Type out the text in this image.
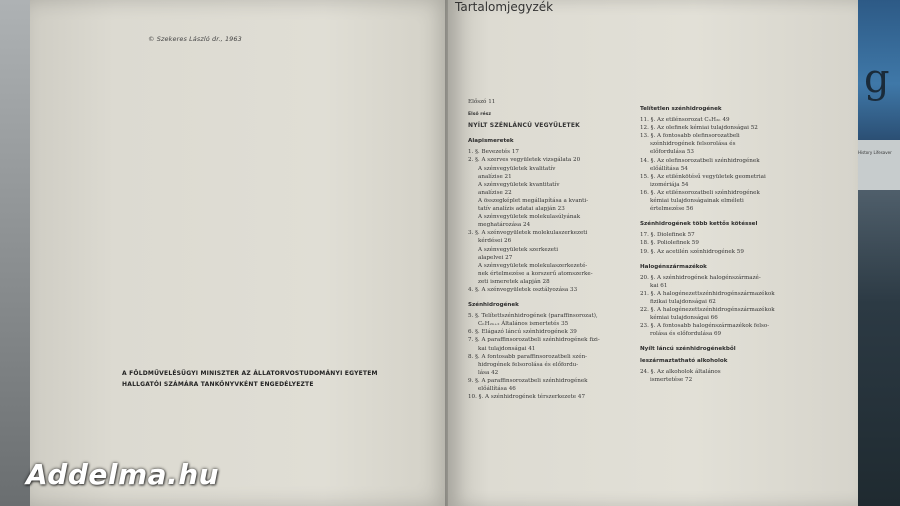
g
History Lifesaver
© Szekeres László dr., 1963
A FÖLDMŰVELÉSÜGYI MINISZTER AZ ÁLLATORVOSTUDOMÁNYI EGYETEM
HALLGATÓI SZÁMÁRA TANKÖNYVKÉNT ENGEDÉLYEZTE
Tartalomjegyzék
Előszó 11
Első rész
NYÍLT SZÉNLÁNCÚ VEGYÜLETEK
Alapismeretek
1. §. Bevezetés 17
2. §. A szerves vegyületek vizsgálata 20
A szénvegyületek kvalitatív
analízise 21
A szénvegyületek kvantitatív
analízise 22
A összegképlet megállapítása a kvanti-
tatív analízis adatai alapján 23
A szénvegyületek molekulasúlyának
meghatározása 24
3. §. A szénvegyületek molekulaszerkezeti
kérdései 26
A szénvegyületek szerkezeti
alapelvei 27
A szénvegyületek molekulaszerkezeté-
nek értelmezése a korszerű atomszerke-
zeti ismeretek alapján 28
4. §. A szénvegyületek osztályozása 33
Szénhidrogének
5. §. Telítettszénhidrogének (paraffinsorozat),
CₙH₂ₙ₊₂ Általános ismertetés 35
6. §. Elágazó láncú szénhidrogének 39
7. §. A paraffinsorozatbeli szénhidrogének fizi-
kai tulajdonságai 41
8. §. A fontosabb paraffinsorozatbeli szén-
hidrogének felsorolása és előfordu-
lása 42
9. §. A paraffinsorozatbeli szénhidrogének
előállítása 46
10. §. A szénhidrogének térszerkezete 47
Telítetlen szénhidrogének
11. §. Az etilénsorozat CₙH₂ₙ 49
12. §. Az olefinek kémiai tulajdonságai 52
13. §. A fontosabb olefinsorozatbeli
szénhidrogének felsorolása és
előfordulása 53
14. §. Az olefinsorozatbeli szénhidrogének
előállítása 54
15. §. Az etilénkötésű vegyületek geometriai
izomériája 54
16. §. Az etilénsorozatbeli szénhidrogének
kémiai tulajdonságainak elméleti
értelmezése 56
Szénhidrogének több kettős kötéssel
17. §. Diolefinek 57
18. §. Poliolefinek 59
19. §. Az acetilén szénhidrogének 59
Halogénszármazékok
20. §. A szénhidrogének halogénszármazé-
kai 61
21. §. A halogénezettszénhidrogénszármazékok
fizikai tulajdonságai 62
22. §. A halogénezettszénhidrogénszármazékok
kémiai tulajdonságai 66
23. §. A fontosabb halogénszármazékok felso-
rolása és előfordulása 69
Nyílt láncú szénhidrogénekből
leszármaztatható alkoholok
24. §. Az alkoholok általános
ismertetése 72
Addelma.hu
